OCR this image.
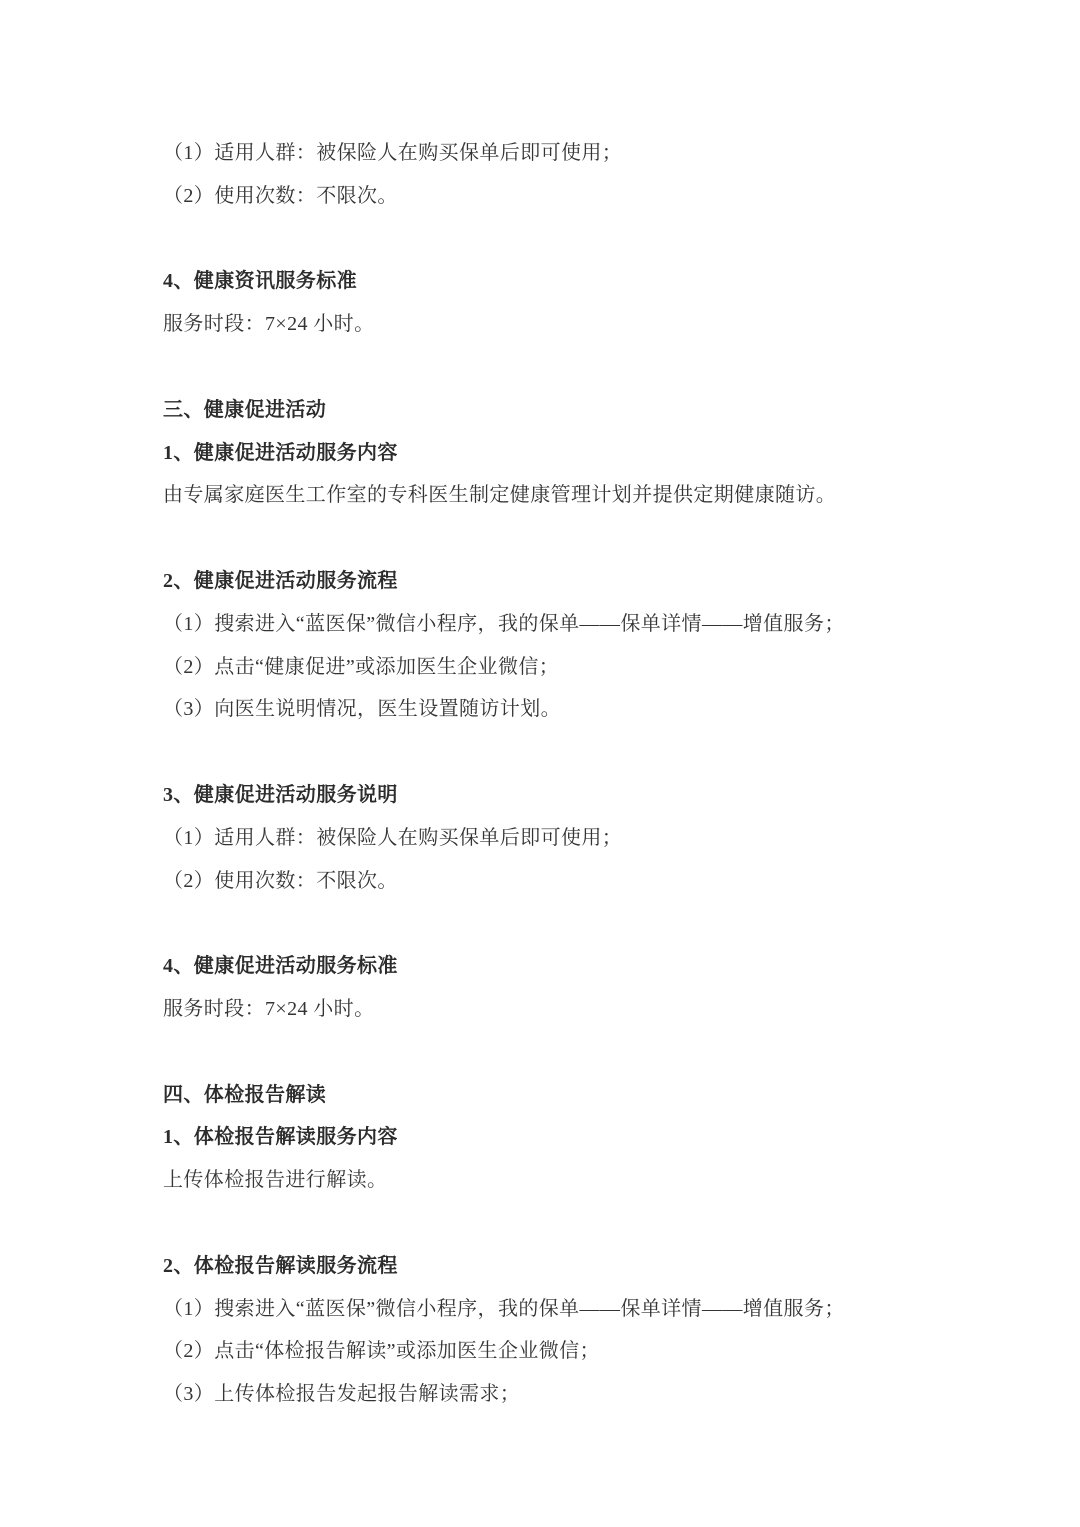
（1）适用人群：被保险人在购买保单后即可使用；

（2）使用次数：不限次。

4、健康资讯服务标准

服务时段：7×24 小时。

三、健康促进活动

1、健康促进活动服务内容

由专属家庭医生工作室的专科医生制定健康管理计划并提供定期健康随访。

2、健康促进活动服务流程

（1）搜索进入“蓝医保”微信小程序，我的保单——保单详情——增值服务；

（2）点击“健康促进”或添加医生企业微信；

（3）向医生说明情况，医生设置随访计划。

3、健康促进活动服务说明

（1）适用人群：被保险人在购买保单后即可使用；

（2）使用次数：不限次。

4、健康促进活动服务标准

服务时段：7×24 小时。

四、体检报告解读

1、体检报告解读服务内容

上传体检报告进行解读。

2、体检报告解读服务流程

（1）搜索进入“蓝医保”微信小程序，我的保单——保单详情——增值服务；

（2）点击“体检报告解读”或添加医生企业微信；

（3）上传体检报告发起报告解读需求；
